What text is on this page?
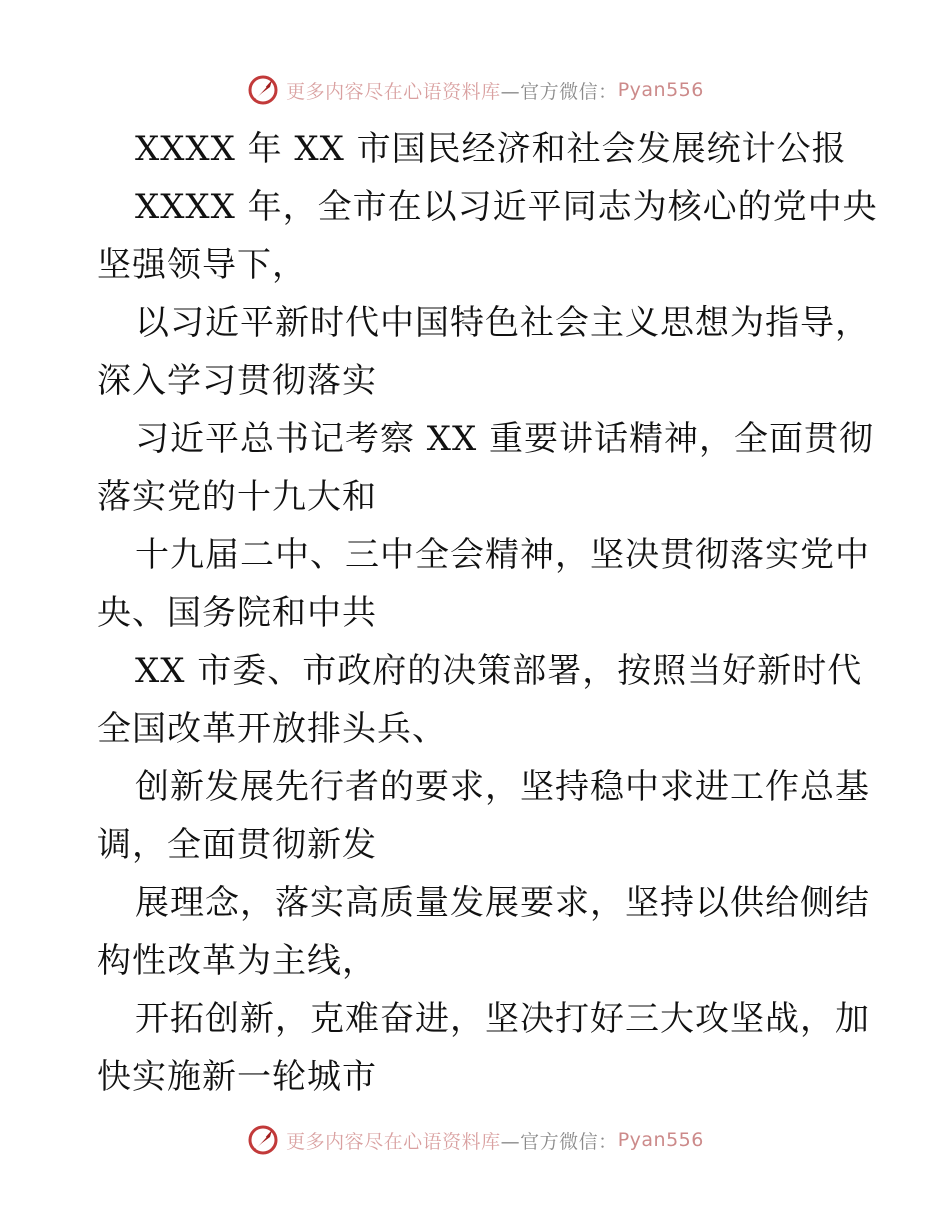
更多内容尽在心语资料库 —官方微信： Pyan556
XXXX 年 XX 市国民经济和社会发展统计公报
XXXX 年，全市在以习近平同志为核心的党中央
坚强领导下，
以习近平新时代中国特色社会主义思想为指导，
深入学习贯彻落实
习近平总书记考察 XX 重要讲话精神，全面贯彻
落实党的十九大和
十九届二中、三中全会精神，坚决贯彻落实党中
央、国务院和中共
XX 市委、市政府的决策部署，按照当好新时代
全国改革开放排头兵、
创新发展先行者的要求，坚持稳中求进工作总基
调，全面贯彻新发
展理念，落实高质量发展要求，坚持以供给侧结
构性改革为主线，
开拓创新，克难奋进，坚决打好三大攻坚战，加
快实施新一轮城市
更多内容尽在心语资料库 —官方微信： Pyan556
